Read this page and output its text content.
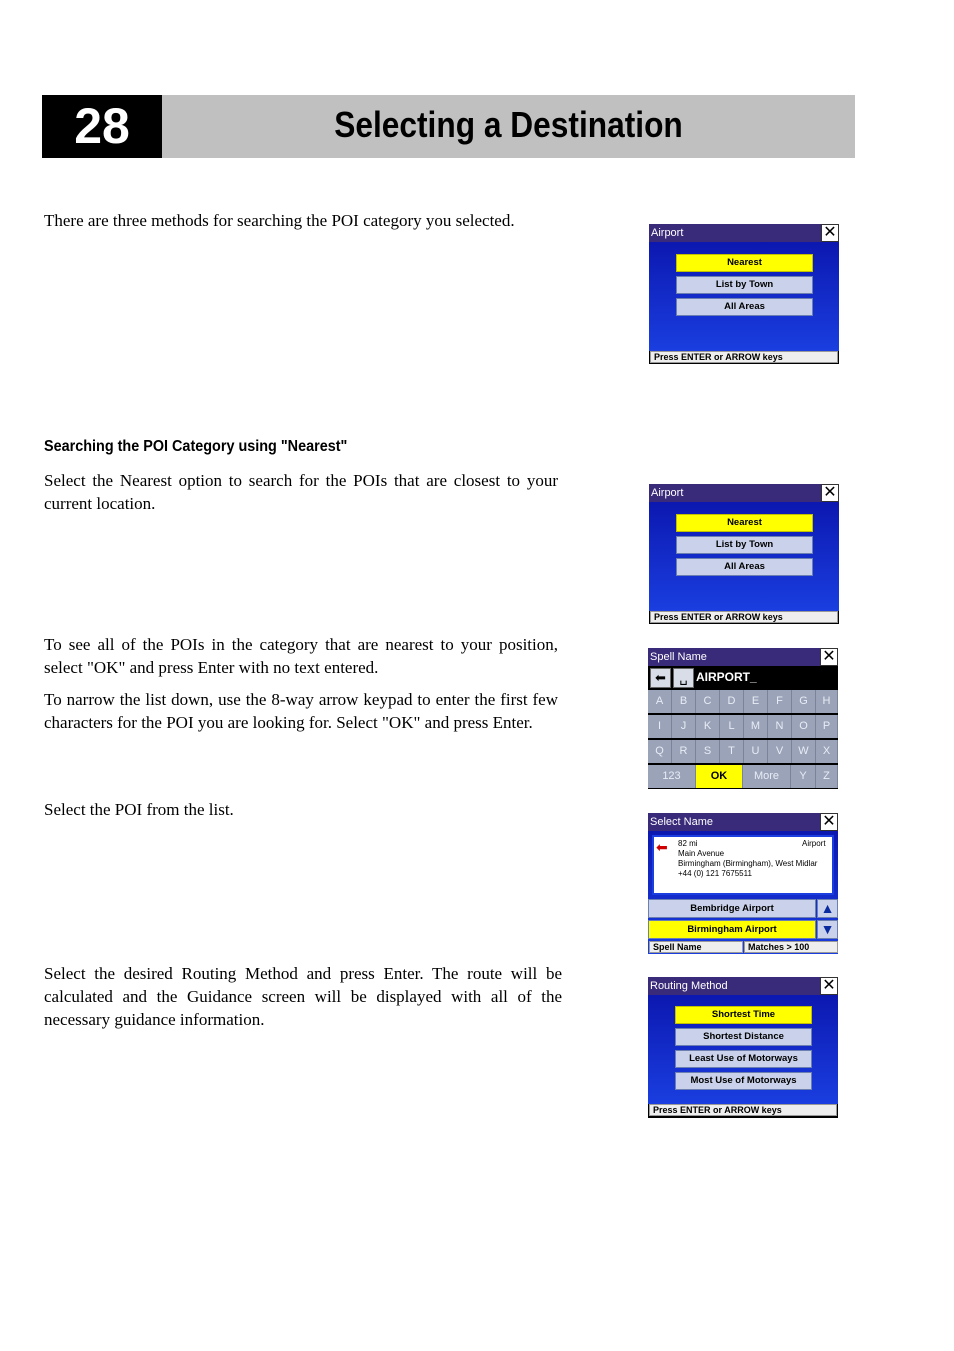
28	Selecting a Destination

There are three methods for searching the POI category you selected.

Searching the POI Category using "Nearest"

Select the Nearest option to search for the POIs that are closest to your current location.

To see all of the POIs in the category that are nearest to your position, select "OK" and press Enter with no text entered.

To narrow the list down, use the 8-way arrow keypad to enter the first few characters for the POI you are looking for. Select "OK" and press Enter.

Select the POI from the list.

Select the desired Routing Method and press Enter. The route will be calculated and the Guidance screen will be displayed with all of the necessary guidance information.

Airport	✕
Nearest
List by Town
All Areas
Press ENTER or ARROW keys
Airport	✕
Nearest
List by Town
All Areas
Press ENTER or ARROW keys
Spell Name	✕
⬅	␣ AIRPORT_
A	B	C	D	E	F	G	H
I	J	K	L	M	N	O	P
Q	R	S	T	U	V	W	X
123	OK	More	Y	Z
Select Name	✕
⬅ 82 mi	Airport
Main Avenue
Birmingham (Birmingham), West Midlar
+44 (0) 121 7675511
Bembridge Airport
Birmingham Airport
▲
▼
Spell Name	Matches > 100
Routing Method	✕
Shortest Time
Shortest Distance
Least Use of Motorways
Most Use of Motorways
Press ENTER or ARROW keys
